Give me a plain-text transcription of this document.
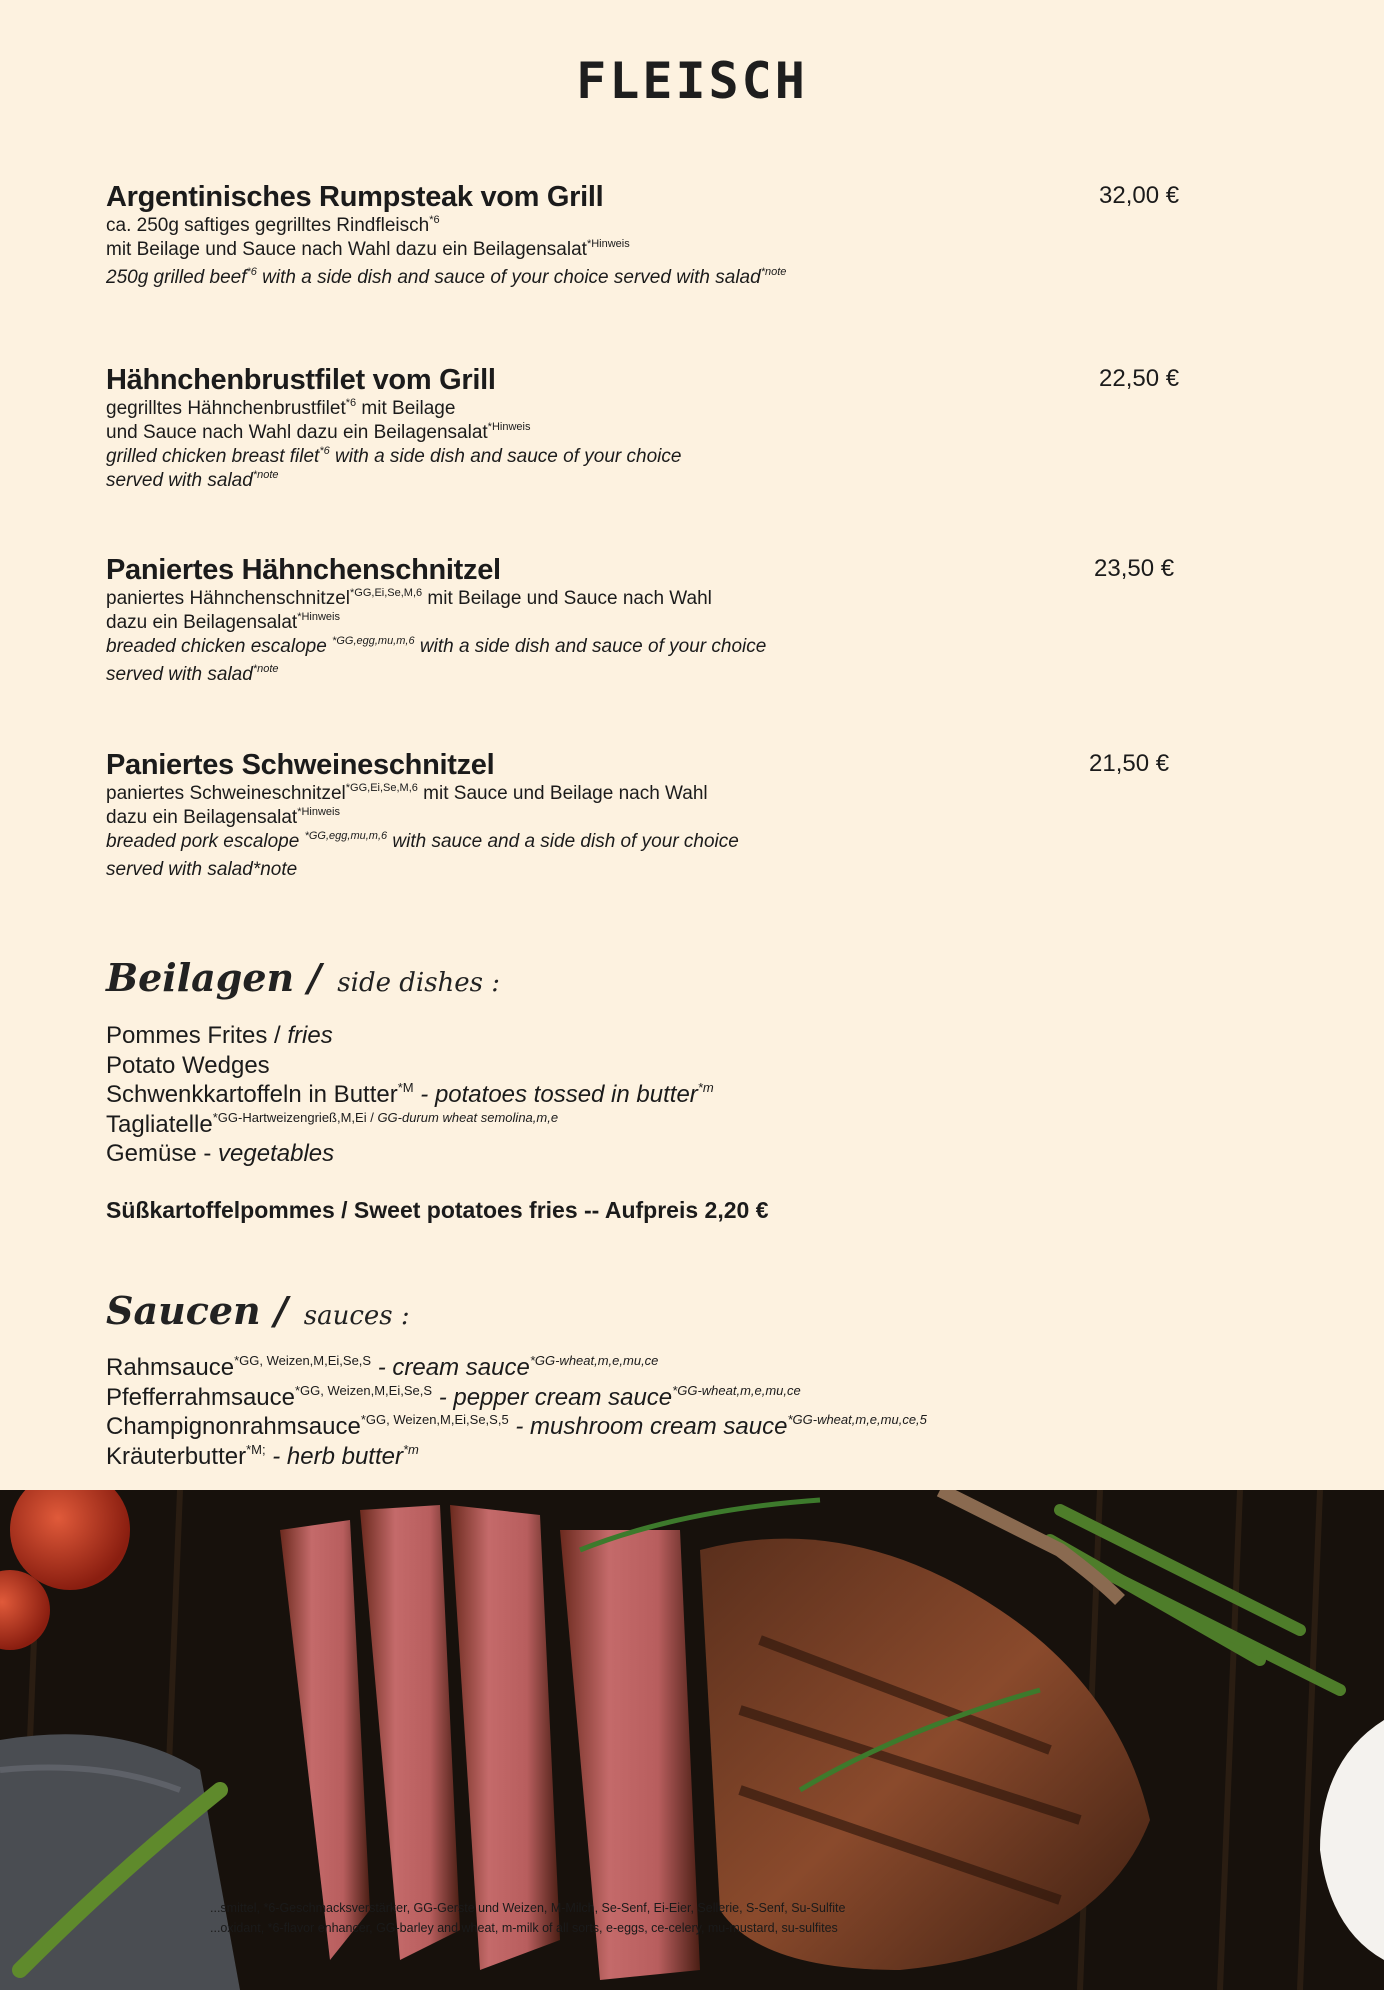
FLEISCH
Argentinisches Rumpsteak vom Grill	32,00 €
ca. 250g saftiges gegrilltes Rindfleisch$^{*6}$
mit Beilage und Sauce nach Wahl dazu ein Beilagensalat$^{*Hinweis}$
250g grilled beef$^{*6}$ with a side dish and sauce of your choice served with salad$^{*note}$
Hähnchenbrustfilet vom Grill	22,50 €
gegrilltes Hähnchenbrustfilet$^{*6}$ mit Beilage
und Sauce nach Wahl dazu ein Beilagensalat$^{*Hinweis}$
grilled chicken breast filet$^{*6}$ with a side dish and sauce of your choice
served with salad$^{*note}$
Paniertes Hähnchenschnitzel	23,50 €
paniertes Hähnchenschnitzel$^{*GG,Ei,Se,M,6}$ mit Beilage und Sauce nach Wahl
dazu ein Beilagensalat$^{*Hinweis}$
breaded chicken escalope $^{*GG,egg,mu,m,6}$ with a side dish and sauce of your choice
served with salad$^{*note}$
Paniertes Schweineschnitzel	21,50 €
paniertes Schweineschnitzel$^{*GG,Ei,Se,M,6}$ mit Sauce und Beilage nach Wahl
dazu ein Beilagensalat$^{*Hinweis}$
breaded pork escalope $^{*GG,egg,mu,m,6}$ with sauce and a side dish of your choice
served with salad*note
Beilagen / side dishes :
Pommes Frites / fries
Potato Wedges
Schwenkkartoffeln in Butter$^{*M}$ - potatoes tossed in butter$^{*m}$
Tagliatelle$^{*GG-Hartweizengrieß,M,Ei /}$ $^{GG-durum wheat semolina,m,e}$
Gemüse - vegetables
Süßkartoffelpommes / Sweet potatoes fries -- Aufpreis 2,20 €
Saucen / sauces :
Rahmsauce$^{*GG, Weizen,M,Ei,Se,S}$ - cream sauce$^{*GG-wheat,m,e,mu,ce}$
Pfefferrahmsauce$^{*GG, Weizen,M,Ei,Se,S}$ - pepper cream sauce$^{*GG-wheat,m,e,mu,ce}$
Champignonrahmsauce$^{*GG, Weizen,M,Ei,Se,S,5}$ - mushroom cream sauce$^{*GG-wheat,m,e,mu,ce,5}$
Kräuterbutter$^{*M;}$ - herb butter$^{*m}$
...smittel, *6-Geschmacksverstärker, GG-Gerste und Weizen, M-Milch, Se-Senf, Ei-Eier, Sellerie, S-Senf, Su-Sulfite
...oxidant, *6-flavor enhancer, GG-barley and wheat, m-milk of all sorts, e-eggs, ce-celery, mu-mustard, su-sulfites
